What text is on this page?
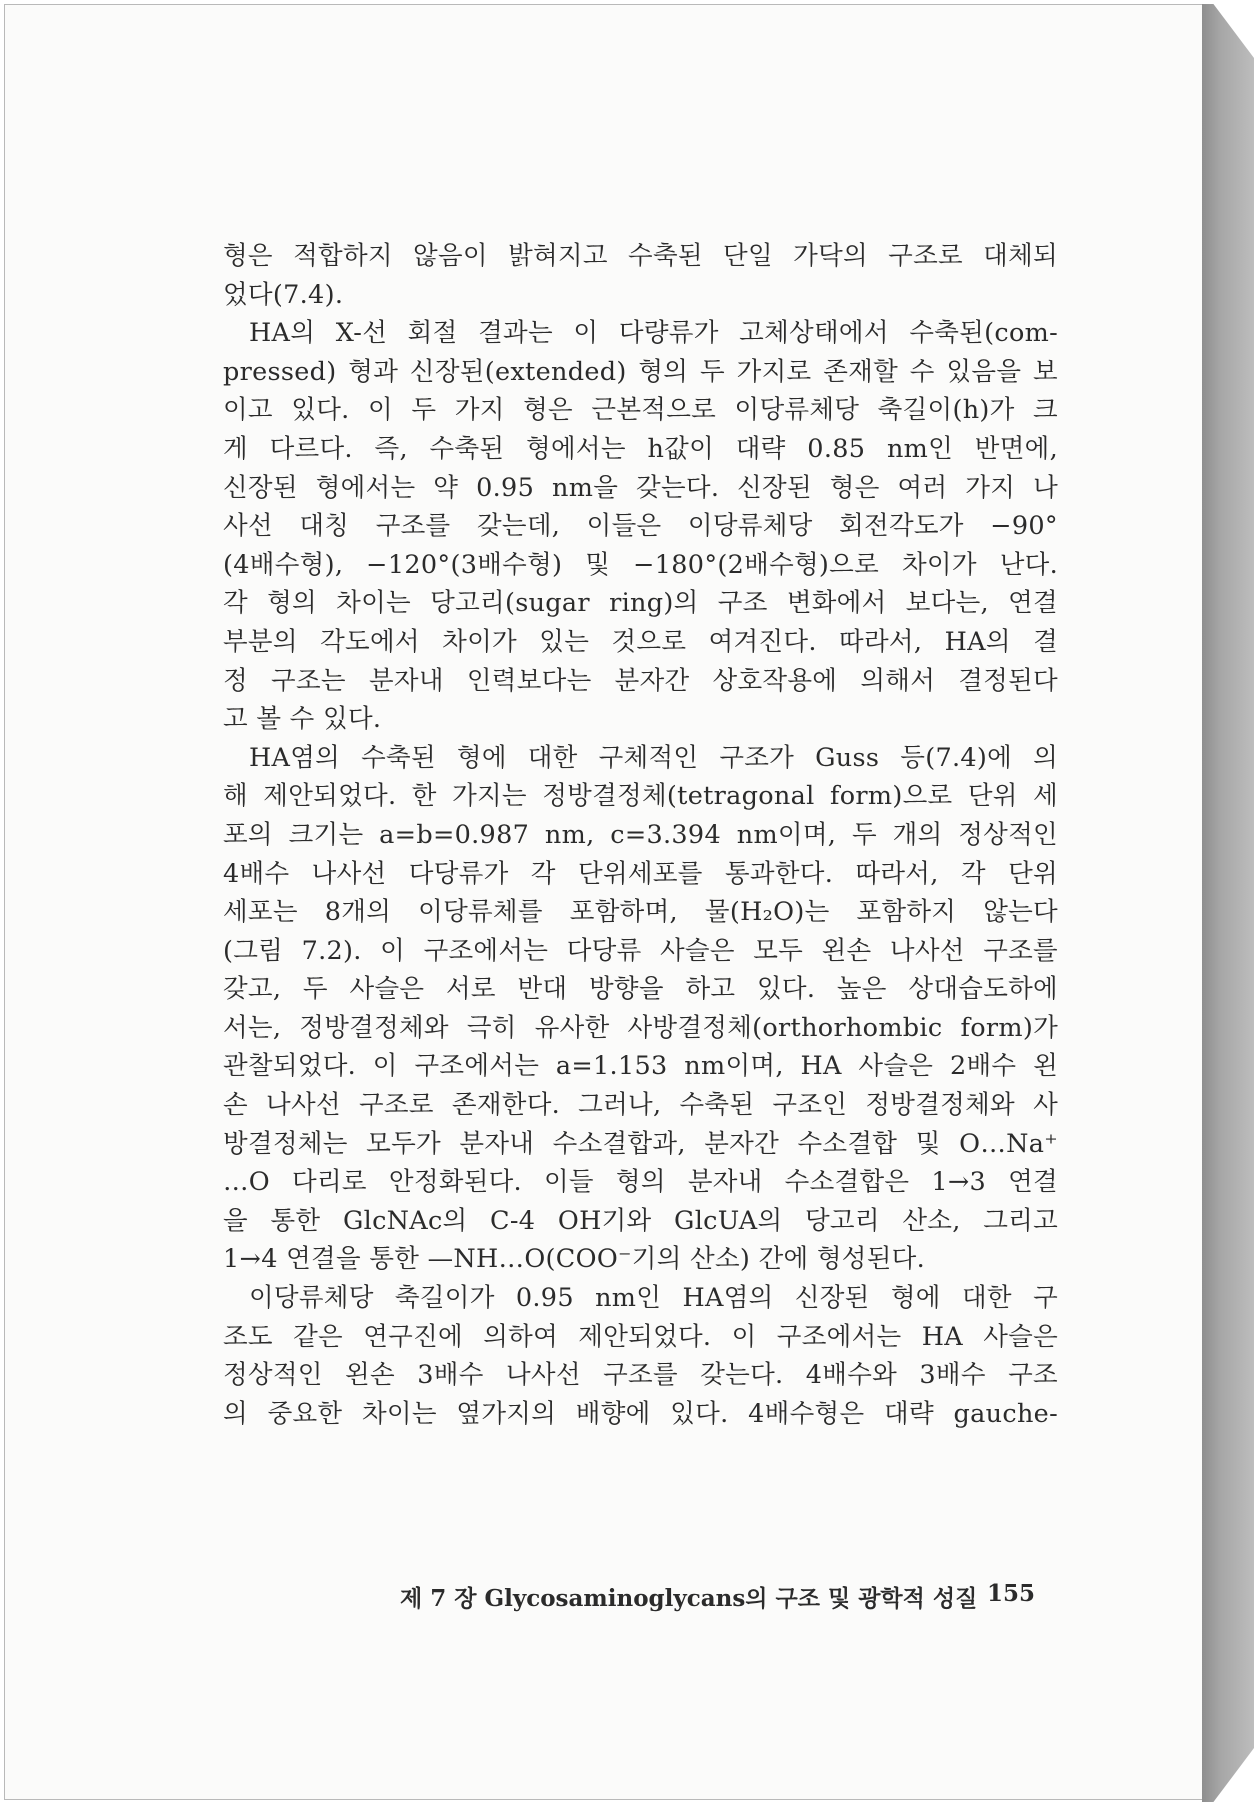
형은 적합하지 않음이 밝혀지고 수축된 단일 가닥의 구조로 대체되
었다(7.4).
HA의 X-선 회절 결과는 이 다량류가 고체상태에서 수축된(com-
pressed) 형과 신장된(extended) 형의 두 가지로 존재할 수 있음을 보
이고 있다. 이 두 가지 형은 근본적으로 이당류체당 축길이(h)가 크
게 다르다. 즉, 수축된 형에서는 h값이 대략 0.85 nm인 반면에,
신장된 형에서는 약 0.95 nm을 갖는다. 신장된 형은 여러 가지 나
사선 대칭 구조를 갖는데, 이들은 이당류체당 회전각도가 −90°
(4배수형), −120°(3배수형) 및 −180°(2배수형)으로 차이가 난다.
각 형의 차이는 당고리(sugar ring)의 구조 변화에서 보다는, 연결
부분의 각도에서 차이가 있는 것으로 여겨진다. 따라서, HA의 결
정 구조는 분자내 인력보다는 분자간 상호작용에 의해서 결정된다
고 볼 수 있다.
HA염의 수축된 형에 대한 구체적인 구조가 Guss 등(7.4)에 의
해 제안되었다. 한 가지는 정방결정체(tetragonal form)으로 단위 세
포의 크기는 a=b=0.987 nm, c=3.394 nm이며, 두 개의 정상적인
4배수 나사선 다당류가 각 단위세포를 통과한다. 따라서, 각 단위
세포는 8개의 이당류체를 포함하며, 물(H₂O)는 포함하지 않는다
(그림 7.2). 이 구조에서는 다당류 사슬은 모두 왼손 나사선 구조를
갖고, 두 사슬은 서로 반대 방향을 하고 있다. 높은 상대습도하에
서는, 정방결정체와 극히 유사한 사방결정체(orthorhombic form)가
관찰되었다. 이 구조에서는 a=1.153 nm이며, HA 사슬은 2배수 왼
손 나사선 구조로 존재한다. 그러나, 수축된 구조인 정방결정체와 사
방결정체는 모두가 분자내 수소결합과, 분자간 수소결합 및 O…Na⁺
…O 다리로 안정화된다. 이들 형의 분자내 수소결합은 1→3 연결
을 통한 GlcNAc의 C-4 OH기와 GlcUA의 당고리 산소, 그리고
1→4 연결을 통한 —NH…O(COO⁻기의 산소) 간에 형성된다.
이당류체당 축길이가 0.95 nm인 HA염의 신장된 형에 대한 구
조도 같은 연구진에 의하여 제안되었다. 이 구조에서는 HA 사슬은
정상적인 왼손 3배수 나사선 구조를 갖는다. 4배수와 3배수 구조
의 중요한 차이는 옆가지의 배향에 있다. 4배수형은 대략 gauche-
제 7 장 Glycosaminoglycans의 구조 및 광학적 성질 155
